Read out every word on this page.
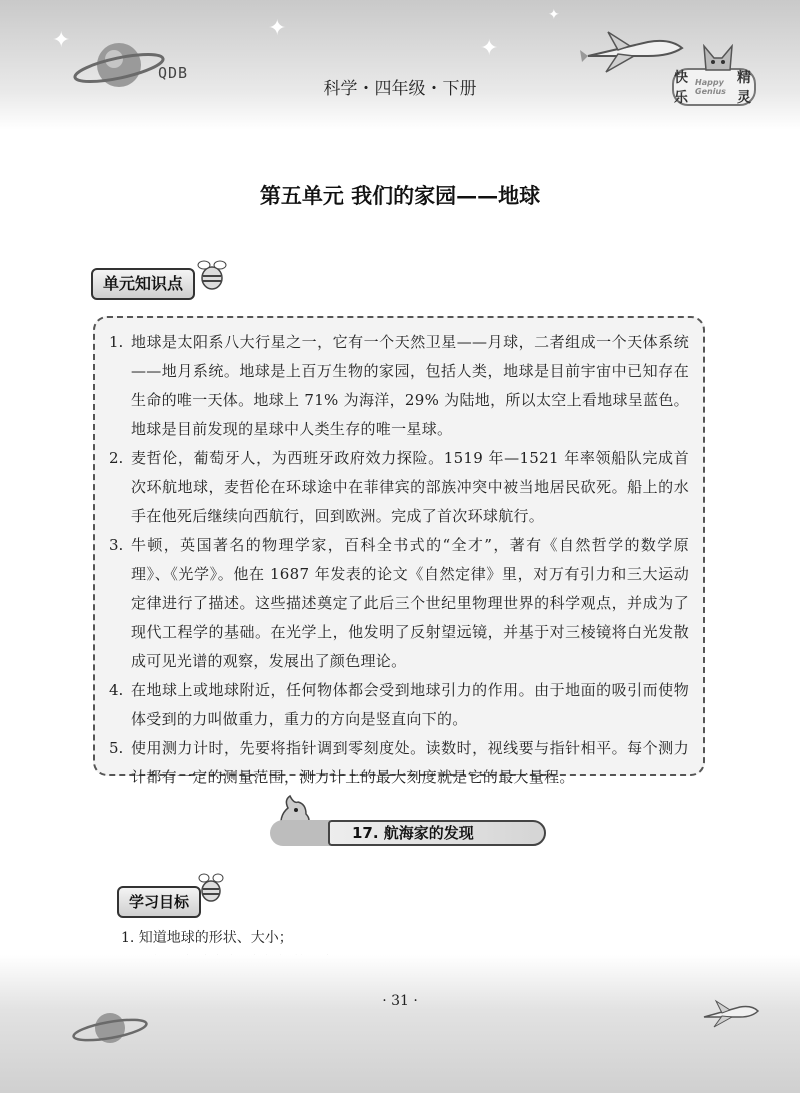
✦	✦
✦
✦
QDB
科学・四年级・下册
快乐
Happy Genius
精灵
第五单元 我们的家园——地球
单元知识点
1. 地球是太阳系八大行星之一，它有一个天然卫星——月球，二者组成一个天体系统——地月系统。地球是上百万生物的家园，包括人类，地球是目前宇宙中已知存在生命的唯一天体。地球上 71% 为海洋，29% 为陆地，所以太空上看地球呈蓝色。地球是目前发现的星球中人类生存的唯一星球。

2. 麦哲伦，葡萄牙人，为西班牙政府效力探险。1519 年—1521 年率领船队完成首次环航地球，麦哲伦在环球途中在菲律宾的部族冲突中被当地居民砍死。船上的水手在他死后继续向西航行，回到欧洲。完成了首次环球航行。

3. 牛顿，英国著名的物理学家，百科全书式的“全才”，著有《自然哲学的数学原理》、《光学》。他在 1687 年发表的论文《自然定律》里，对万有引力和三大运动定律进行了描述。这些描述奠定了此后三个世纪里物理世界的科学观点，并成为了现代工程学的基础。在光学上，他发明了反射望远镜，并基于对三棱镜将白光发散成可见光谱的观察，发展出了颜色理论。

4. 在地球上或地球附近，任何物体都会受到地球引力的作用。由于地面的吸引而使物体受到的力叫做重力，重力的方向是竖直向下的。

5. 使用测力计时，先要将指针调到零刻度处。读数时，视线要与指针相平。每个测力计都有一定的测量范围，测力计上的最大刻度就是它的最大量程。

17. 航海家的发现
学习目标

1. 知道地球的形状、大小；

· 31 ·
